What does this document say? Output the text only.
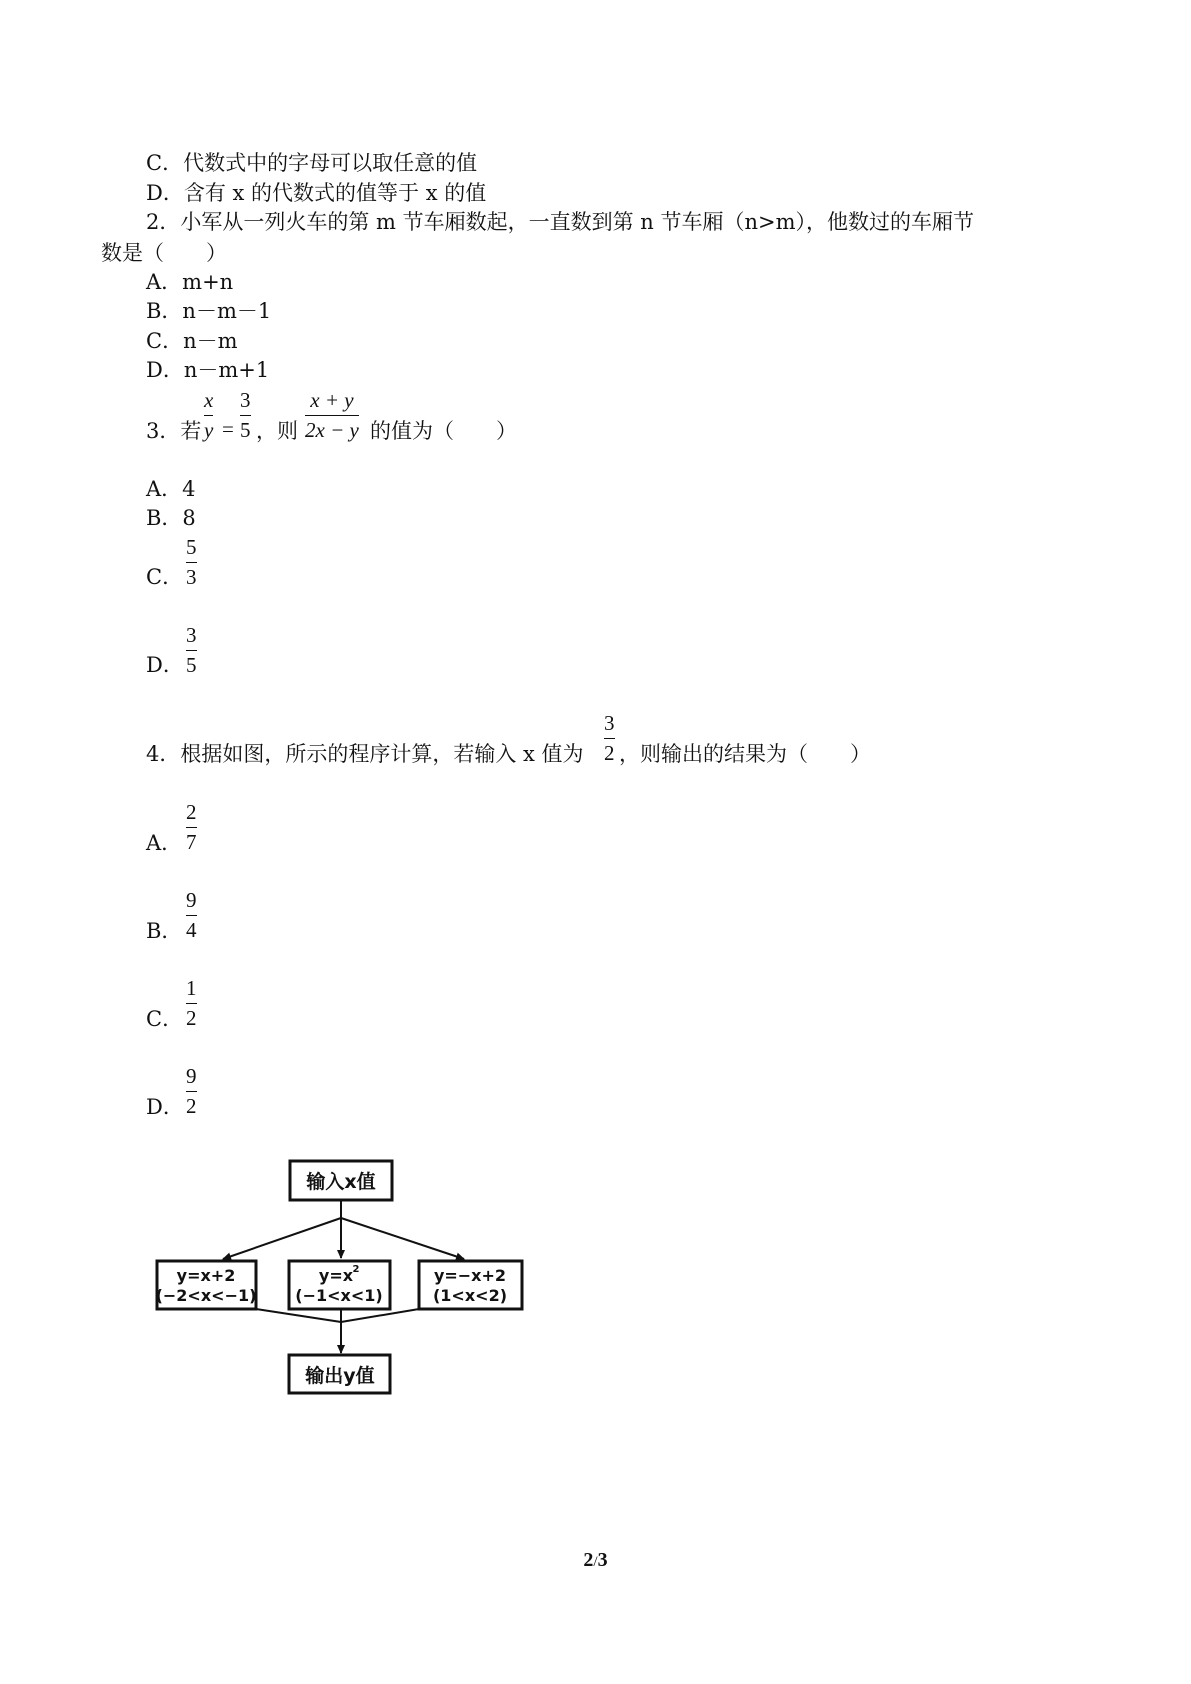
C．代数式中的字母可以取任意的值
D．含有 x 的代数式的值等于 x 的值
2．小军从一列火车的第 m 节车厢数起，一直数到第 n 节车厢（n>m），他数过的车厢节
数是（　　）
A．m+n
B．n－m－1
C．n－m
D．n－m+1
3．若
x
y =
3
5 ，则
x + y
2x − y 的值为（　　）
A．4
B．8
C．
5
3
D．
3
5
4．根据如图，所示的程序计算，若输入 x 值为
3
2 ，则输出的结果为（　　）
A．
2
7
B．
9
4
C．
1
2
D．
9
2
输入x值
y=x+2
(−2<x<−1)
y=x 2
(−1<x<1)
y=−x+2
(1<x<2)
输出y值
2/3
